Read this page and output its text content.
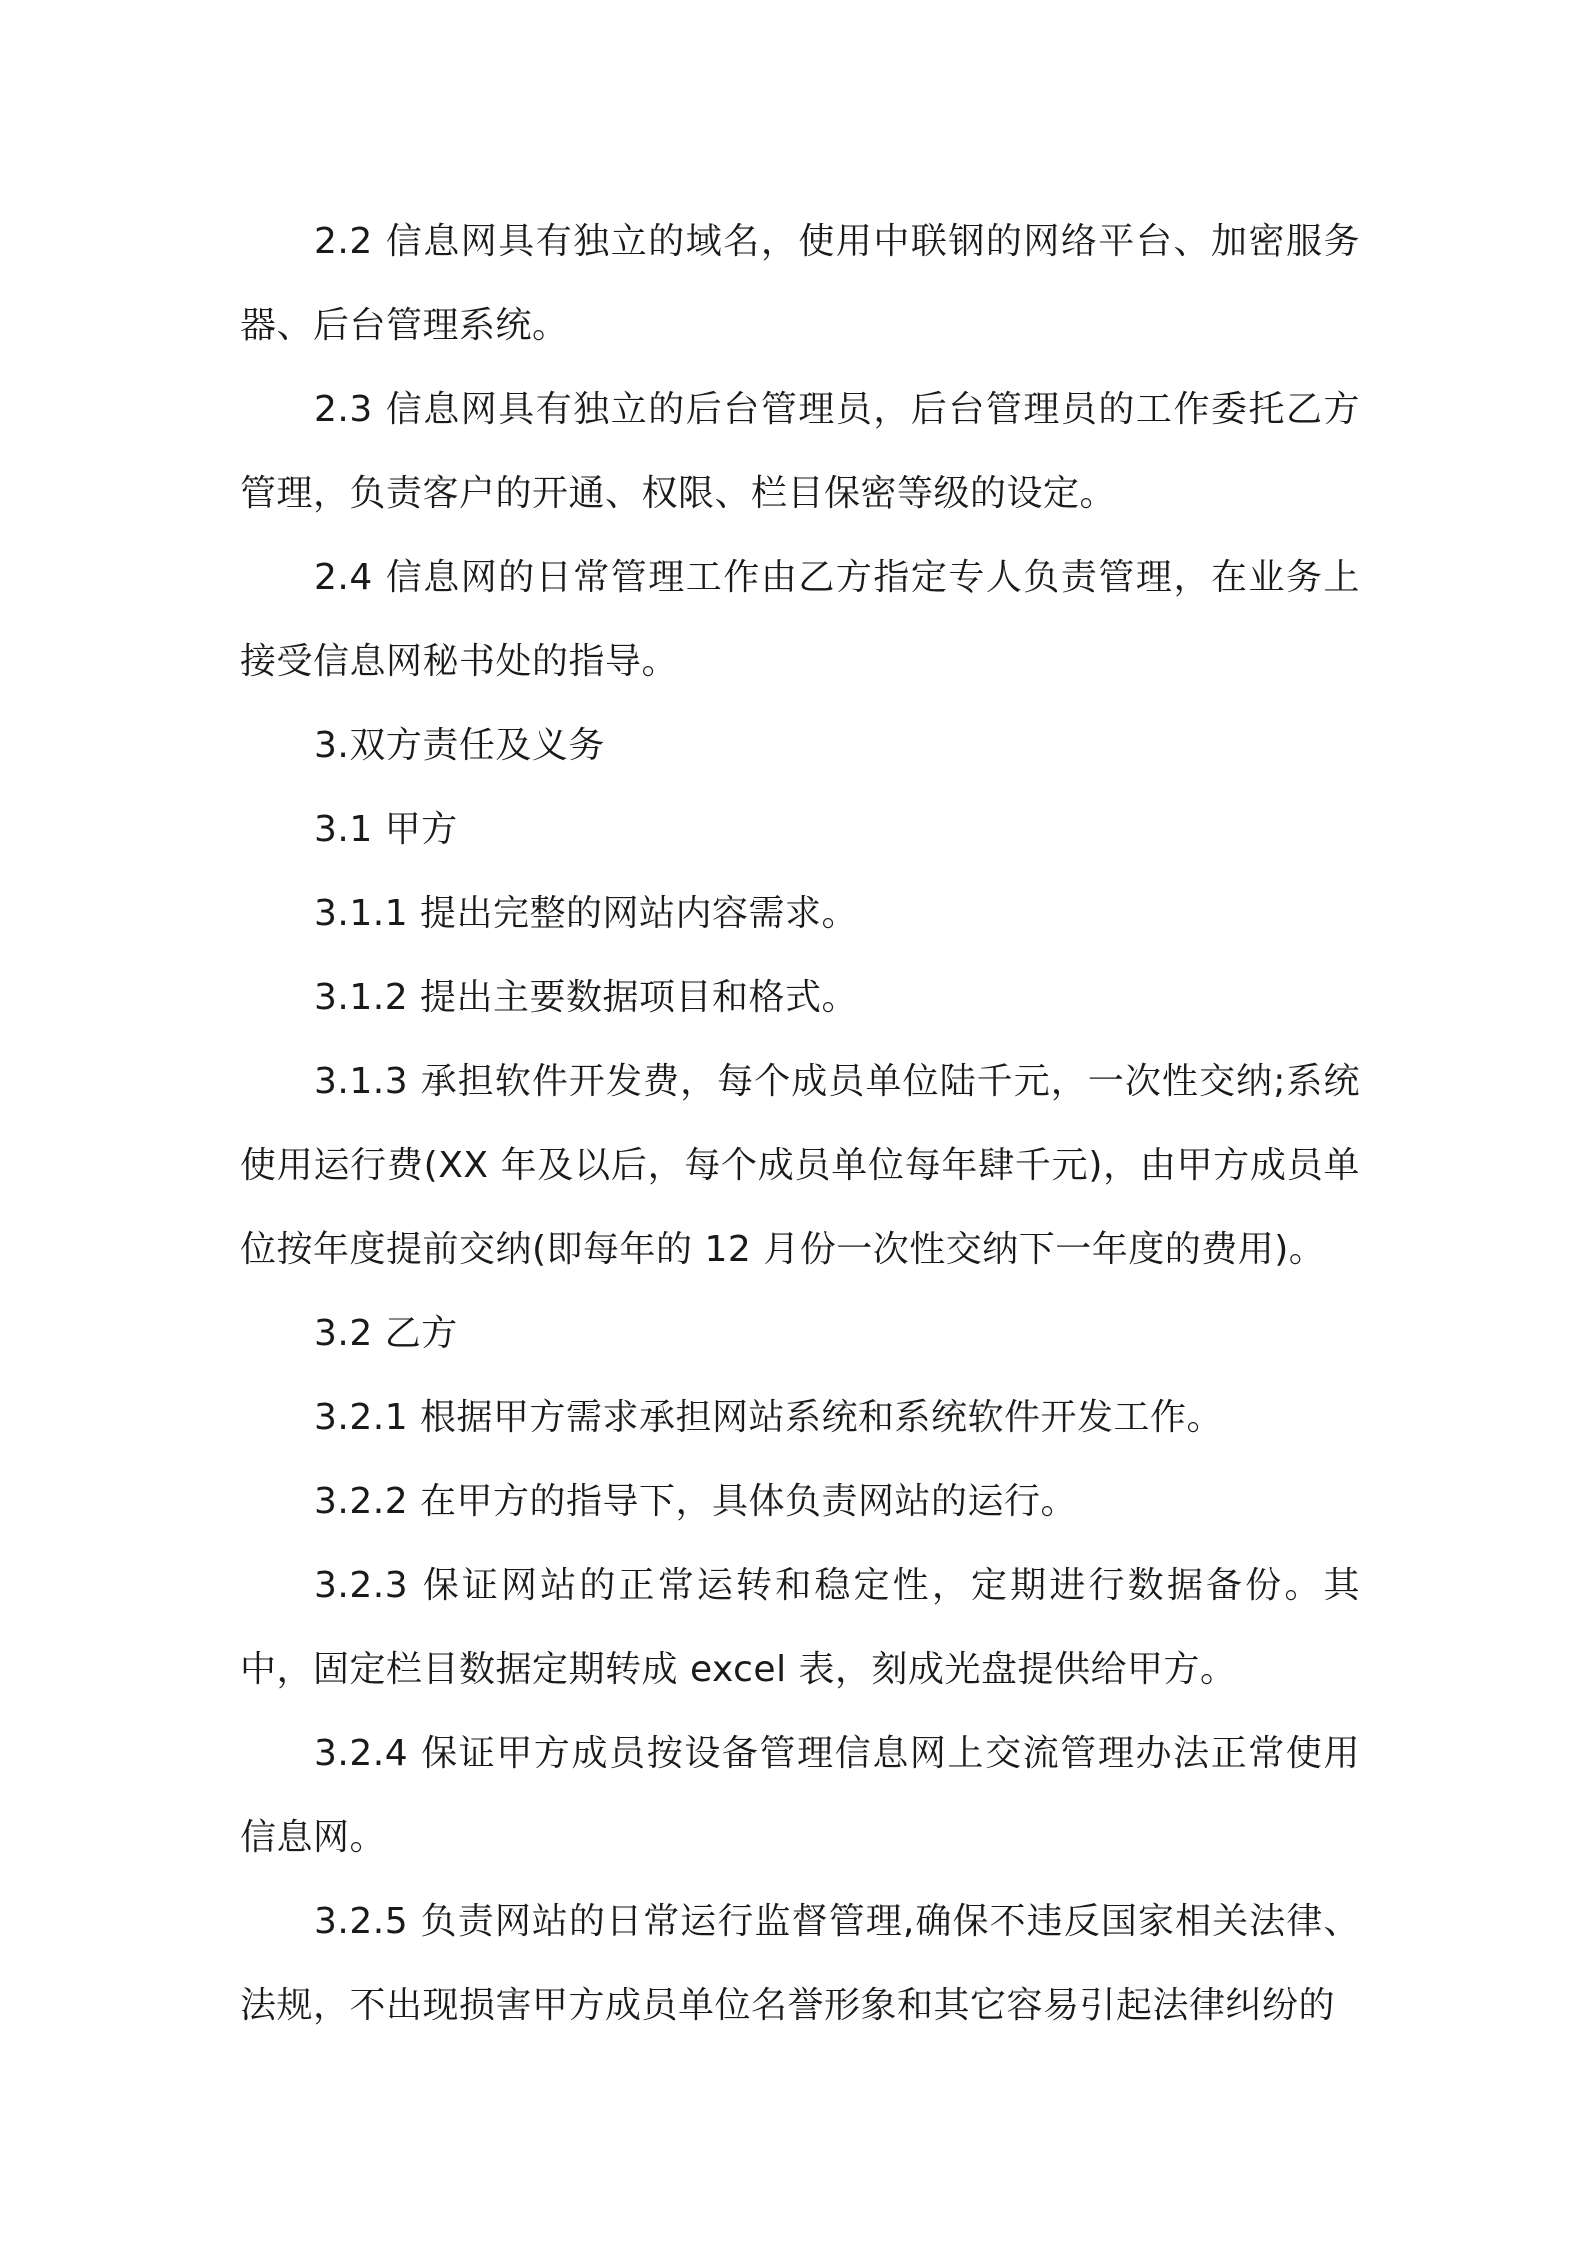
2.2 信息网具有独立的域名，使用中联钢的网络平台、加密服务器、后台管理系统。

2.3 信息网具有独立的后台管理员，后台管理员的工作委托乙方管理，负责客户的开通、权限、栏目保密等级的设定。

2.4 信息网的日常管理工作由乙方指定专人负责管理，在业务上接受信息网秘书处的指导。

3.双方责任及义务

3.1 甲方

3.1.1 提出完整的网站内容需求。

3.1.2 提出主要数据项目和格式。

3.1.3 承担软件开发费，每个成员单位陆千元，一次性交纳;系统使用运行费(XX 年及以后，每个成员单位每年肆千元)，由甲方成员单位按年度提前交纳(即每年的 12 月份一次性交纳下一年度的费用)。

3.2 乙方

3.2.1 根据甲方需求承担网站系统和系统软件开发工作。

3.2.2 在甲方的指导下，具体负责网站的运行。

3.2.3 保证网站的正常运转和稳定性，定期进行数据备份。其中，固定栏目数据定期转成 excel 表，刻成光盘提供给甲方。

3.2.4 保证甲方成员按设备管理信息网上交流管理办法正常使用信息网。

3.2.5 负责网站的日常运行监督管理,确保不违反国家相关法律、法规，不出现损害甲方成员单位名誉形象和其它容易引起法律纠纷的
